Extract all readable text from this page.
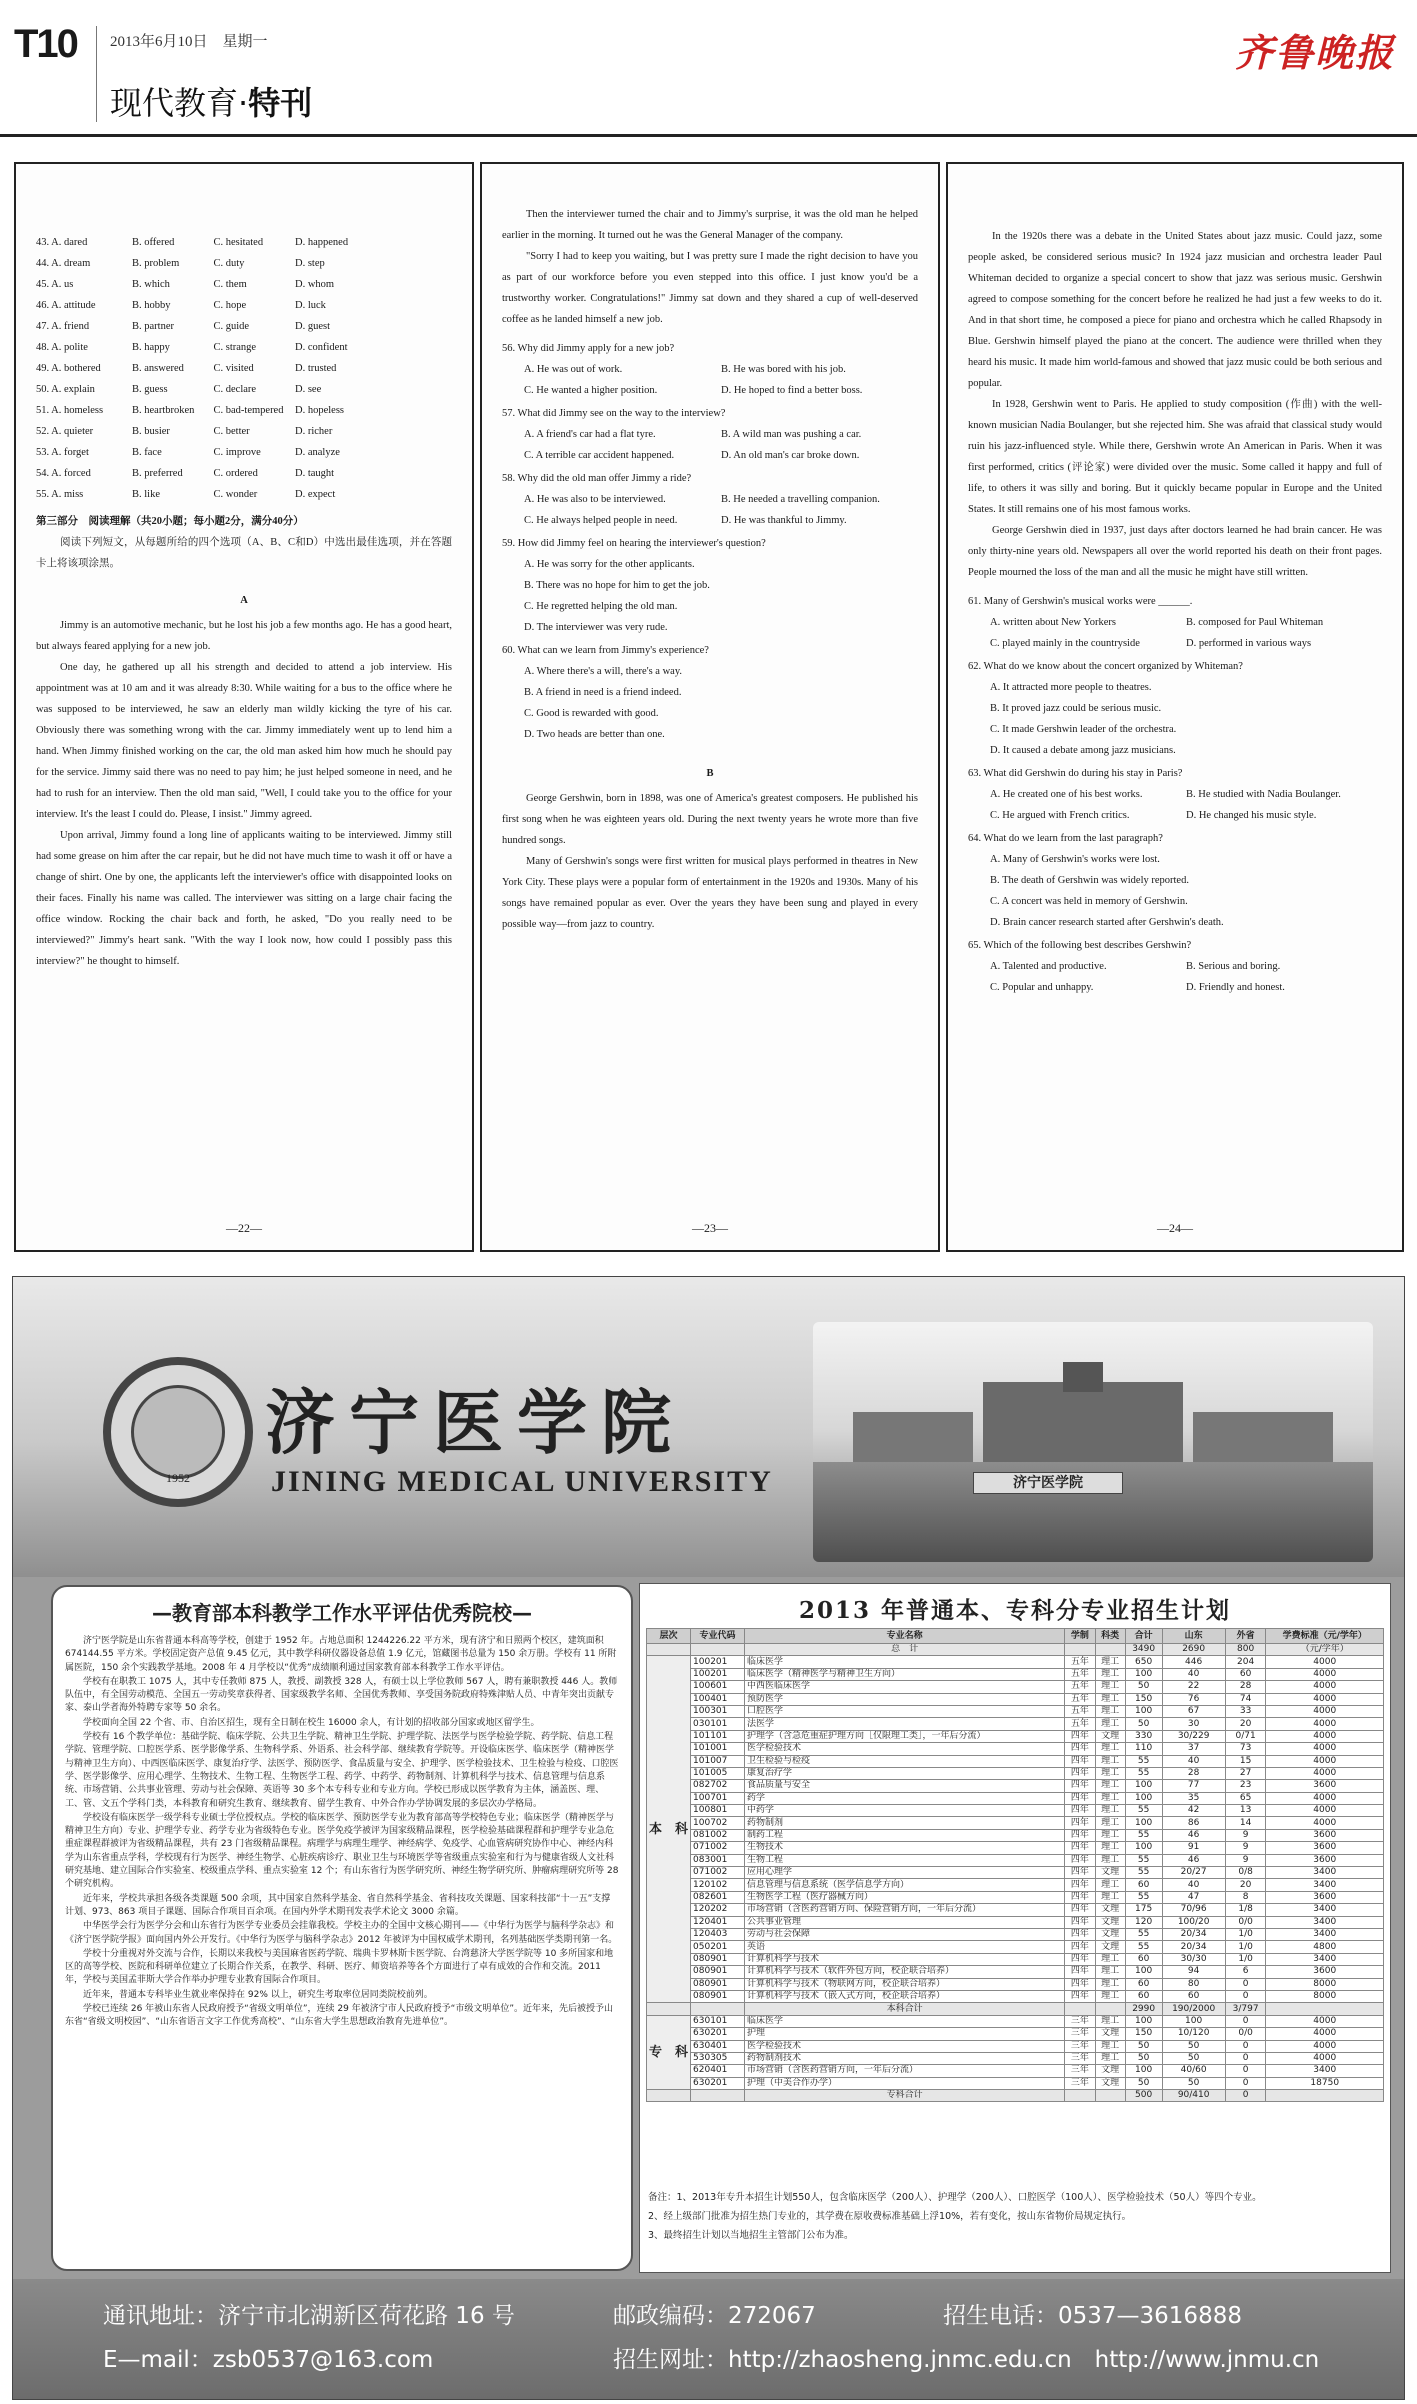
T10	2013年6月10日　星期一
现代教育·特刊
齐鲁晚报
43. A. dared	B. offered	C. hesitated	D. happened
44. A. dream	B. problem	C. duty	D. step
45. A. us	B. which	C. them	D. whom
46. A. attitude	B. hobby	C. hope	D. luck
47. A. friend	B. partner	C. guide	D. guest
48. A. polite	B. happy	C. strange	D. confident
49. A. bothered	B. answered	C. visited	D. trusted
50. A. explain	B. guess	C. declare	D. see
51. A. homeless	B. heartbroken	C. bad-tempered	D. hopeless
52. A. quieter	B. busier	C. better	D. richer
53. A. forget	B. face	C. improve	D. analyze
54. A. forced	B. preferred	C. ordered	D. taught
55. A. miss	B. like	C. wonder	D. expect
第三部分　阅读理解（共20小题；每小题2分，满分40分）
阅读下列短文，从每题所给的四个选项（A、B、C和D）中选出最佳选项，并在答题卡上将该项涂黑。
A

Jimmy is an automotive mechanic, but he lost his job a few months ago. He has a good heart, but always feared applying for a new job.

One day, he gathered up all his strength and decided to attend a job interview. His appointment was at 10 am and it was already 8:30. While waiting for a bus to the office where he was supposed to be interviewed, he saw an elderly man wildly kicking the tyre of his car. Obviously there was something wrong with the car. Jimmy immediately went up to lend him a hand. When Jimmy finished working on the car, the old man asked him how much he should pay for the service. Jimmy said there was no need to pay him; he just helped someone in need, and he had to rush for an interview. Then the old man said, "Well, I could take you to the office for your interview. It's the least I could do. Please, I insist." Jimmy agreed.

Upon arrival, Jimmy found a long line of applicants waiting to be interviewed. Jimmy still had some grease on him after the car repair, but he did not have much time to wash it off or have a change of shirt. One by one, the applicants left the interviewer's office with disappointed looks on their faces. Finally his name was called. The interviewer was sitting on a large chair facing the office window. Rocking the chair back and forth, he asked, "Do you really need to be interviewed?" Jimmy's heart sank. "With the way I look now, how could I possibly pass this interview?" he thought to himself.

—22—

Then the interviewer turned the chair and to Jimmy's surprise, it was the old man he helped earlier in the morning. It turned out he was the General Manager of the company.

"Sorry I had to keep you waiting, but I was pretty sure I made the right decision to have you as part of our workforce before you even stepped into this office. I just know you'd be a trustworthy worker. Congratulations!" Jimmy sat down and they shared a cup of well-deserved coffee as he landed himself a new job.

56. Why did Jimmy apply for a new job?
A. He was out of work.	B. He was bored with his job.
C. He wanted a higher position.	D. He hoped to find a better boss.
57. What did Jimmy see on the way to the interview?
A. A friend's car had a flat tyre.	B. A wild man was pushing a car.
C. A terrible car accident happened.	D. An old man's car broke down.
58. Why did the old man offer Jimmy a ride?
A. He was also to be interviewed.	B. He needed a travelling companion.
C. He always helped people in need.	D. He was thankful to Jimmy.
59. How did Jimmy feel on hearing the interviewer's question?
A. He was sorry for the other applicants.
B. There was no hope for him to get the job.
C. He regretted helping the old man.
D. The interviewer was very rude.
60. What can we learn from Jimmy's experience?
A. Where there's a will, there's a way.
B. A friend in need is a friend indeed.
C. Good is rewarded with good.
D. Two heads are better than one.
B

George Gershwin, born in 1898, was one of America's greatest composers. He published his first song when he was eighteen years old. During the next twenty years he wrote more than five hundred songs.

Many of Gershwin's songs were first written for musical plays performed in theatres in New York City. These plays were a popular form of entertainment in the 1920s and 1930s. Many of his songs have remained popular as ever. Over the years they have been sung and played in every possible way—from jazz to country.

—23—

In the 1920s there was a debate in the United States about jazz music. Could jazz, some people asked, be considered serious music? In 1924 jazz musician and orchestra leader Paul Whiteman decided to organize a special concert to show that jazz was serious music. Gershwin agreed to compose something for the concert before he realized he had just a few weeks to do it. And in that short time, he composed a piece for piano and orchestra which he called Rhapsody in Blue. Gershwin himself played the piano at the concert. The audience were thrilled when they heard his music. It made him world-famous and showed that jazz music could be both serious and popular.

In 1928, Gershwin went to Paris. He applied to study composition (作曲) with the well-known musician Nadia Boulanger, but she rejected him. She was afraid that classical study would ruin his jazz-influenced style. While there, Gershwin wrote An American in Paris. When it was first performed, critics (评论家) were divided over the music. Some called it happy and full of life, to others it was silly and boring. But it quickly became popular in Europe and the United States. It still remains one of his most famous works.

George Gershwin died in 1937, just days after doctors learned he had brain cancer. He was only thirty-nine years old. Newspapers all over the world reported his death on their front pages. People mourned the loss of the man and all the music he might have still written.

61. Many of Gershwin's musical works were ______.
A. written about New Yorkers	B. composed for Paul Whiteman
C. played mainly in the countryside	D. performed in various ways
62. What do we know about the concert organized by Whiteman?
A. It attracted more people to theatres.
B. It proved jazz could be serious music.
C. It made Gershwin leader of the orchestra.
D. It caused a debate among jazz musicians.
63. What did Gershwin do during his stay in Paris?
A. He created one of his best works.	B. He studied with Nadia Boulanger.
C. He argued with French critics.	D. He changed his music style.
64. What do we learn from the last paragraph?
A. Many of Gershwin's works were lost.
B. The death of Gershwin was widely reported.
C. A concert was held in memory of Gershwin.
D. Brain cancer research started after Gershwin's death.
65. Which of the following best describes Gershwin?
A. Talented and productive.	B. Serious and boring.
C. Popular and unhappy.	D. Friendly and honest.
—24—
济宁医学院
1952
济宁医学院
JINING MEDICAL UNIVERSITY
—教育部本科教学工作水平评估优秀院校—

济宁医学院是山东省普通本科高等学校，创建于 1952 年。占地总面积 1244226.22 平方米，现有济宁和日照两个校区，建筑面积 674144.55 平方米。学校固定资产总值 9.45 亿元，其中教学科研仪器设备总值 1.9 亿元，馆藏图书总量为 150 余万册。学校有 11 所附属医院，150 余个实践教学基地。2008 年 4 月学校以“优秀”成绩顺利通过国家教育部本科教学工作水平评估。

学校有在职教工 1075 人，其中专任教师 875 人，教授、副教授 328 人，有硕士以上学位教师 567 人，聘有兼职教授 446 人。教师队伍中，有全国劳动模范、全国五一劳动奖章获得者、国家级教学名师、全国优秀教师、享受国务院政府特殊津贴人员、中青年突出贡献专家、泰山学者海外特聘专家等 50 余名。

学校面向全国 22 个省、市、自治区招生，现有全日制在校生 16000 余人，有计划的招收部分国家或地区留学生。

学校有 16 个教学单位：基础学院、临床学院、公共卫生学院、精神卫生学院、护理学院、法医学与医学检验学院、药学院、信息工程学院、管理学院、口腔医学系、医学影像学系、生物科学系、外语系、社会科学部、继续教育学院等。开设临床医学、临床医学（精神医学与精神卫生方向）、中西医临床医学、康复治疗学、法医学、预防医学、食品质量与安全、护理学、医学检验技术、卫生检验与检疫、口腔医学、医学影像学、应用心理学、生物技术、生物工程、生物医学工程、药学、中药学、药物制剂、计算机科学与技术、信息管理与信息系统、市场营销、公共事业管理、劳动与社会保障、英语等 30 多个本专科专业和专业方向。学校已形成以医学教育为主体，涵盖医、理、工、管、文五个学科门类，本科教育和研究生教育、继续教育、留学生教育、中外合作办学协调发展的多层次办学格局。

学校设有临床医学一级学科专业硕士学位授权点。学校的临床医学、预防医学专业为教育部高等学校特色专业；临床医学（精神医学与精神卫生方向）专业、护理学专业、药学专业为省级特色专业。医学免疫学被评为国家级精品课程，医学检验基础课程群和护理学专业急危重症课程群被评为省级精品课程，共有 23 门省级精品课程。病理学与病理生理学、神经病学、免疫学、心血管病研究协作中心、神经内科学为山东省重点学科，学校现有行为医学、神经生物学、心脏疾病诊疗、职业卫生与环境医学等省级重点实验室和行为与健康省级人文社科研究基地、建立国际合作实验室、校级重点学科、重点实验室 12 个；有山东省行为医学研究所、神经生物学研究所、肿瘤病理研究所等 28 个研究机构。

近年来，学校共承担各级各类课题 500 余项，其中国家自然科学基金、省自然科学基金、省科技攻关课题、国家科技部“十一五”支撑计划、973、863 项目子课题、国际合作项目百余项。在国内外学术期刊发表学术论文 3000 余篇。

中华医学会行为医学分会和山东省行为医学专业委员会挂靠我校。学校主办的全国中文核心期刊——《中华行为医学与脑科学杂志》和《济宁医学院学报》面向国内外公开发行。《中华行为医学与脑科学杂志》2012 年被评为中国权威学术期刊，名列基础医学类期刊第一名。

学校十分重视对外交流与合作，长期以来我校与美国麻省医药学院、瑞典卡罗林斯卡医学院、台湾慈济大学医学院等 10 多所国家和地区的高等学校、医院和科研单位建立了长期合作关系，在教学、科研、医疗、师资培养等各个方面进行了卓有成效的合作和交流。2011 年，学校与美国孟菲斯大学合作举办护理专业教育国际合作项目。

近年来，普通本专科毕业生就业率保持在 92% 以上，研究生考取率位居同类院校前列。

学校已连续 26 年被山东省人民政府授予“省级文明单位”，连续 29 年被济宁市人民政府授予“市级文明单位”。近年来，先后被授予山东省“省级文明校园”、“山东省语言文字工作优秀高校”、“山东省大学生思想政治教育先进单位”。

2013 年普通本、专科分专业招生计划
层次	专业代码	专业名称	学制	科类	合计	山东	外省	学费标准（元/学年）
		总　计			3490	2690	800	（元/学年）
本　科	100201	临床医学	五年	理工	650	446	204	4000
	100201	临床医学（精神医学与精神卫生方向）	五年	理工	100	40	60	4000
	100601	中西医临床医学	五年	理工	50	22	28	4000
	100401	预防医学	五年	理工	150	76	74	4000
	100301	口腔医学	五年	理工	100	67	33	4000
	030101	法医学	五年	理工	50	30	20	4000
	101101	护理学（含急危重症护理方向［仅限理工类］，一年后分流）	四年	文理	330	30/229	0/71	4000
	101001	医学检验技术	四年	理工	110	37	73	4000
	101007	卫生检验与检疫	四年	理工	55	40	15	4000
	101005	康复治疗学	四年	理工	55	28	27	4000
	082702	食品质量与安全	四年	理工	100	77	23	3600
	100701	药学	四年	理工	100	35	65	4000
	100801	中药学	四年	理工	55	42	13	4000
	100702	药物制剂	四年	理工	100	86	14	4000
	081002	制药工程	四年	理工	55	46	9	3600
	071002	生物技术	四年	理工	100	91	9	3600
	083001	生物工程	四年	理工	55	46	9	3600
	071002	应用心理学	四年	文理	55	20/27	0/8	3400
	120102	信息管理与信息系统（医学信息学方向）	四年	理工	60	40	20	3400
	082601	生物医学工程（医疗器械方向）	四年	理工	55	47	8	3600
	120202	市场营销（含医药营销方向、保险营销方向，一年后分流）	四年	文理	175	70/96	1/8	3400
	120401	公共事业管理	四年	文理	120	100/20	0/0	3400
	120403	劳动与社会保障	四年	文理	55	20/34	1/0	3400
	050201	英语	四年	文理	55	20/34	1/0	4800
	080901	计算机科学与技术	四年	理工	60	30/30	1/0	3400
	080901	计算机科学与技术（软件外包方向，校企联合培养）	四年	理工	100	94	6	3600
	080901	计算机科学与技术（物联网方向，校企联合培养）	四年	理工	60	80	0	8000
	080901	计算机科学与技术（嵌入式方向，校企联合培养）	四年	理工	60	60	0	8000
		本科合计			2990	190/2000	3/797	
专　科	630101	临床医学	三年	理工	100	100	0	4000
	630201	护理	三年	文理	150	10/120	0/0	4000
	630401	医学检验技术	三年	理工	50	50	0	4000
	530305	药物制剂技术	三年	理工	50	50	0	4000
	620401	市场营销（含医药营销方向，一年后分流）	三年	文理	100	40/60	0	3400
	630201	护理（中美合作办学）	三年	文理	50	50	0	18750
		专科合计			500	90/410	0	
备注：1、2013年专升本招生计划550人，包含临床医学（200人）、护理学（200人）、口腔医学（100人）、医学检验技术（50人）等四个专业。
2、经上级部门批准为招生热门专业的，其学费在原收费标准基础上浮10%，若有变化，按山东省物价局规定执行。
3、最终招生计划以当地招生主管部门公布为准。
通讯地址：济宁市北湖新区荷花路 16 号	邮政编码：272067	招生电话：0537—3616888
E—mail：zsb0537@163.com	招生网址：http://zhaosheng.jnmc.edu.cn　http://www.jnmu.cn
